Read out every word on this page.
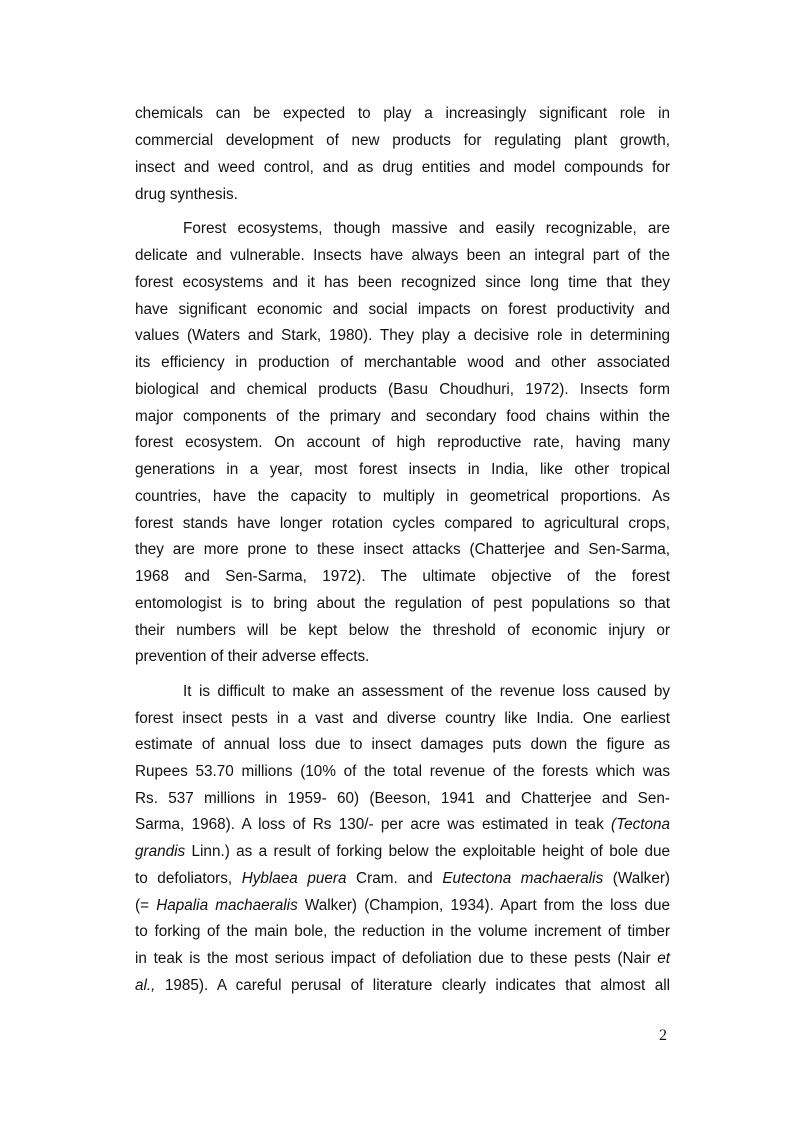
chemicals can be expected to play a increasingly significant role in
commercial development of new products for regulating plant growth,
insect and weed control, and as drug entities and model compounds for
drug synthesis.
Forest ecosystems, though massive and easily recognizable, are
delicate and vulnerable. Insects have always been an integral part of the
forest ecosystems and it has been recognized since long time that they
have significant economic and social impacts on forest productivity and
values (Waters and Stark, 1980). They play a decisive role in determining
its efficiency in production of merchantable wood and other associated
biological and chemical products (Basu Choudhuri, 1972). Insects form
major components of the primary and secondary food chains within the
forest ecosystem. On account of high reproductive rate, having many
generations in a year, most forest insects in India, like other tropical
countries, have the capacity to multiply in geometrical proportions. As
forest stands have longer rotation cycles compared to agricultural crops,
they are more prone to these insect attacks (Chatterjee and Sen-Sarma,
1968 and Sen-Sarma, 1972). The ultimate objective of the forest
entomologist is to bring about the regulation of pest populations so that
their numbers will be kept below the threshold of economic injury or
prevention of their adverse effects.
It is difficult to make an assessment of the revenue loss caused by
forest insect pests in a vast and diverse country like India. One earliest
estimate of annual loss due to insect damages puts down the figure as
Rupees 53.70 millions (10% of the total revenue of the forests which was
Rs. 537 millions in 1959- 60) (Beeson, 1941 and Chatterjee and Sen-
Sarma, 1968). A loss of Rs 130/- per acre was estimated in teak (Tectona
grandis Linn.) as a result of forking below the exploitable height of bole due
to defoliators, Hyblaea puera Cram. and Eutectona machaeralis (Walker)
(= Hapalia machaeralis Walker) (Champion, 1934). Apart from the loss due
to forking of the main bole, the reduction in the volume increment of timber
in teak is the most serious impact of defoliation due to these pests (Nair et
al., 1985). A careful perusal of literature clearly indicates that almost all
2
